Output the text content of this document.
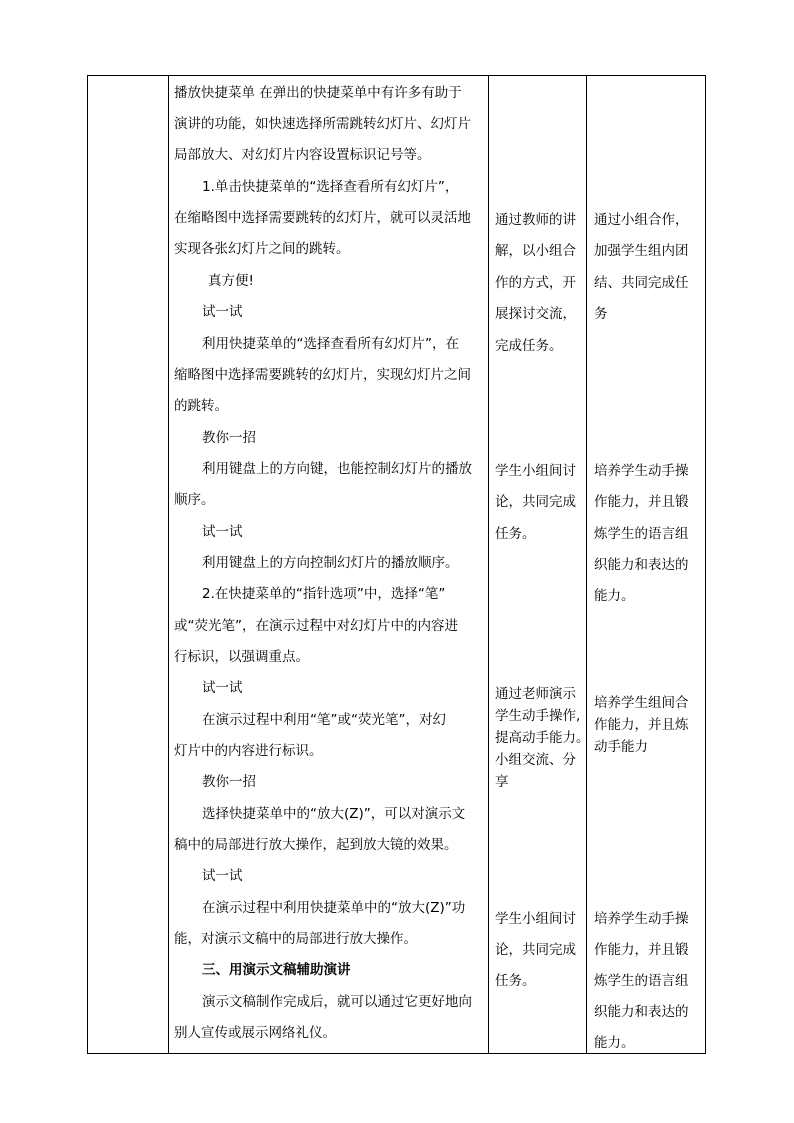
播放快捷菜单 在弹出的快捷菜单中有许多有助于
演讲的功能，如快速选择所需跳转幻灯片、幻灯片
局部放大、对幻灯片内容设置标识记号等。
1.单击快捷菜单的“选择查看所有幻灯片”，
在缩略图中选择需要跳转的幻灯片，就可以灵活地
实现各张幻灯片之间的跳转。
真方便!
试一试
利用快捷菜单的“选择查看所有幻灯片”，在
缩略图中选择需要跳转的幻灯片，实现幻灯片之间
的跳转。
教你一招
利用键盘上的方向键，也能控制幻灯片的播放
顺序。
试一试
利用键盘上的方向控制幻灯片的播放顺序。
2.在快捷菜单的“指针选项”中，选择“笔”
或“荧光笔”，在演示过程中对幻灯片中的内容进
行标识，以强调重点。
试一试
在演示过程中利用“笔”或“荧光笔”，对幻
灯片中的内容进行标识。
教你一招
选择快捷菜单中的“放大(Z)”，可以对演示文
稿中的局部进行放大操作，起到放大镜的效果。
试一试
在演示过程中利用快捷菜单中的“放大(Z)”功
能，对演示文稿中的局部进行放大操作。
三、用演示文稿辅助演讲
演示文稿制作完成后，就可以通过它更好地向
别人宣传或展示网络礼仪。
通过教师的讲
解，以小组合
作的方式，开
展探讨交流，
完成任务。
学生小组间讨
论，共同完成
任务。
通过老师演示
学生动手操作,
提高动手能力。
小组交流、分
享
学生小组间讨
论，共同完成
任务。
通过小组合作，
加强学生组内团
结、共同完成任
务
培养学生动手操
作能力，并且锻
炼学生的语言组
织能力和表达的
能力。
培养学生组间合
作能力，并且炼
动手能力
培养学生动手操
作能力，并且锻
炼学生的语言组
织能力和表达的
能力。
